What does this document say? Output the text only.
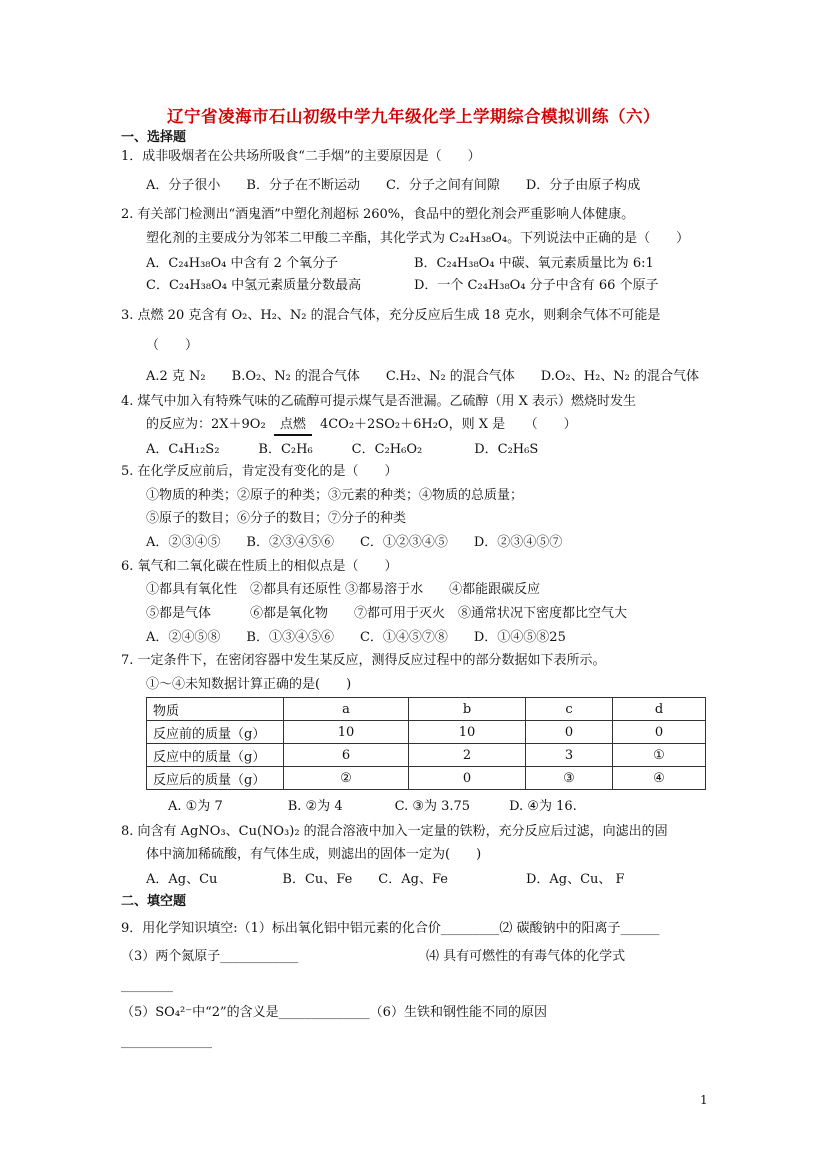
辽宁省凌海市石山初级中学九年级化学上学期综合模拟训练（六）
一、选择题
1．成非吸烟者在公共场所吸食“二手烟”的主要原因是（　　）
A．分子很小　　B．分子在不断运动　　C．分子之间有间隙　　D．分子由原子构成
2. 有关部门检测出“酒鬼酒”中塑化剂超标 260%，食品中的塑化剂会严重影响人体健康。
塑化剂的主要成分为邻苯二甲酸二辛酯，其化学式为 C₂₄H₃₈O₄。下列说法中正确的是（　　）
A．C₂₄H₃₈O₄ 中含有 2 个氧分子	B．C₂₄H₃₈O₄ 中碳、氧元素质量比为 6:1
C．C₂₄H₃₈O₄ 中氢元素质量分数最高	D．一个 C₂₄H₃₈O₄ 分子中含有 66 个原子
3. 点燃 20 克含有 O₂、H₂、N₂ 的混合气体，充分反应后生成 18 克水，则剩余气体不可能是
（　　）
A.2 克 N₂　　B.O₂、N₂ 的混合气体　　C.H₂、N₂ 的混合气体　　D.O₂、H₂、N₂ 的混合气体
4. 煤气中加入有特殊气味的乙硫醇可提示煤气是否泄漏。乙硫醇（用 X 表示）燃烧时发生
的反应为：2X＋9O₂ 点燃 4CO₂＋2SO₂＋6H₂O，则 X 是　　（　　）
A．C₄H₁₂S₂　　　B．C₂H₆　　　C．C₂H₆O₂　　　　D．C₂H₆S
5. 在化学反应前后，肯定没有变化的是（　　）
①物质的种类；②原子的种类；③元素的种类；④物质的总质量；
⑤原子的数目；⑥分子的数目；⑦分子的种类
A．②③④⑤　　B．②③④⑤⑥　　C．①②③④⑤　　D．②③④⑤⑦
6. 氧气和二氧化碳在性质上的相似点是（　　）
①都具有氧化性　②都具有还原性 ③都易溶于水　　④都能跟碳反应
⑤都是气体　　　⑥都是氧化物　　⑦都可用于灭火　⑧通常状况下密度都比空气大
A．②④⑤⑧　　B．①③④⑤⑥　　C．①④⑤⑦⑧　　D．①④⑤⑧25
7. 一定条件下，在密闭容器中发生某反应，测得反应过程中的部分数据如下表所示。
①～④未知数据计算正确的是(　　)
物质	a	b	c	d
反应前的质量（g）	10	10	0	0
反应中的质量（g）	6	2	3	①
反应后的质量（g）	②	0	③	④
A. ①为 7　　　　　B. ②为 4　　　　C. ③为 3.75　　　D. ④为 16.
8. 向含有 AgNO₃、Cu(NO₃)₂ 的混合溶液中加入一定量的铁粉，充分反应后过滤，向滤出的固
体中滴加稀硫酸，有气体生成，则滤出的固体一定为(　　)
A．Ag、Cu　　　　　B．Cu、Fe　　C．Ag、Fe　　　　　　D．Ag、Cu、 F
二、填空题
9．用化学知识填空:（1）标出氧化铝中铝元素的化合价_________⑵ 碳酸钠中的阳离子______
（3）两个氮原子____________	⑷ 具有可燃性的有毒气体的化学式
________
（5）SO₄²⁻中“2”的含义是______________（6）生铁和钢性能不同的原因
______________
1
